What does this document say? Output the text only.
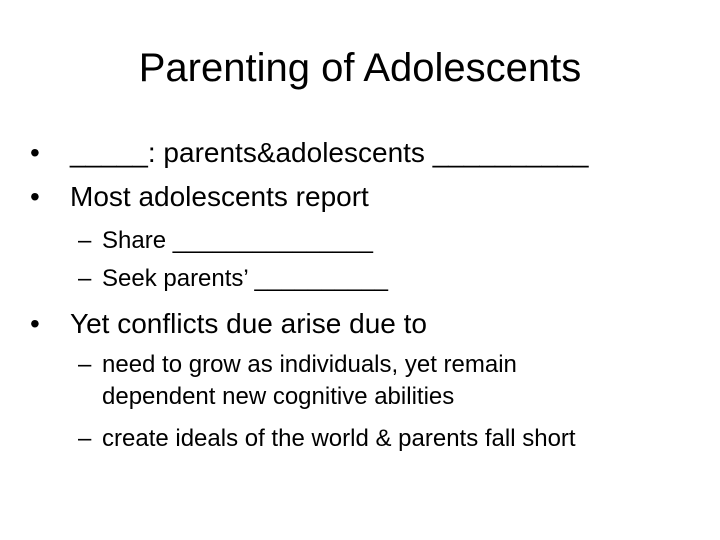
Parenting of Adolescents
• _____: parents&adolescents __________
• Most adolescents report
– Share _______________
– Seek parents’ __________
• Yet conflicts due arise due to
– need to grow as individuals, yet remain
dependent new cognitive abilities
– create ideals of the world & parents fall short
